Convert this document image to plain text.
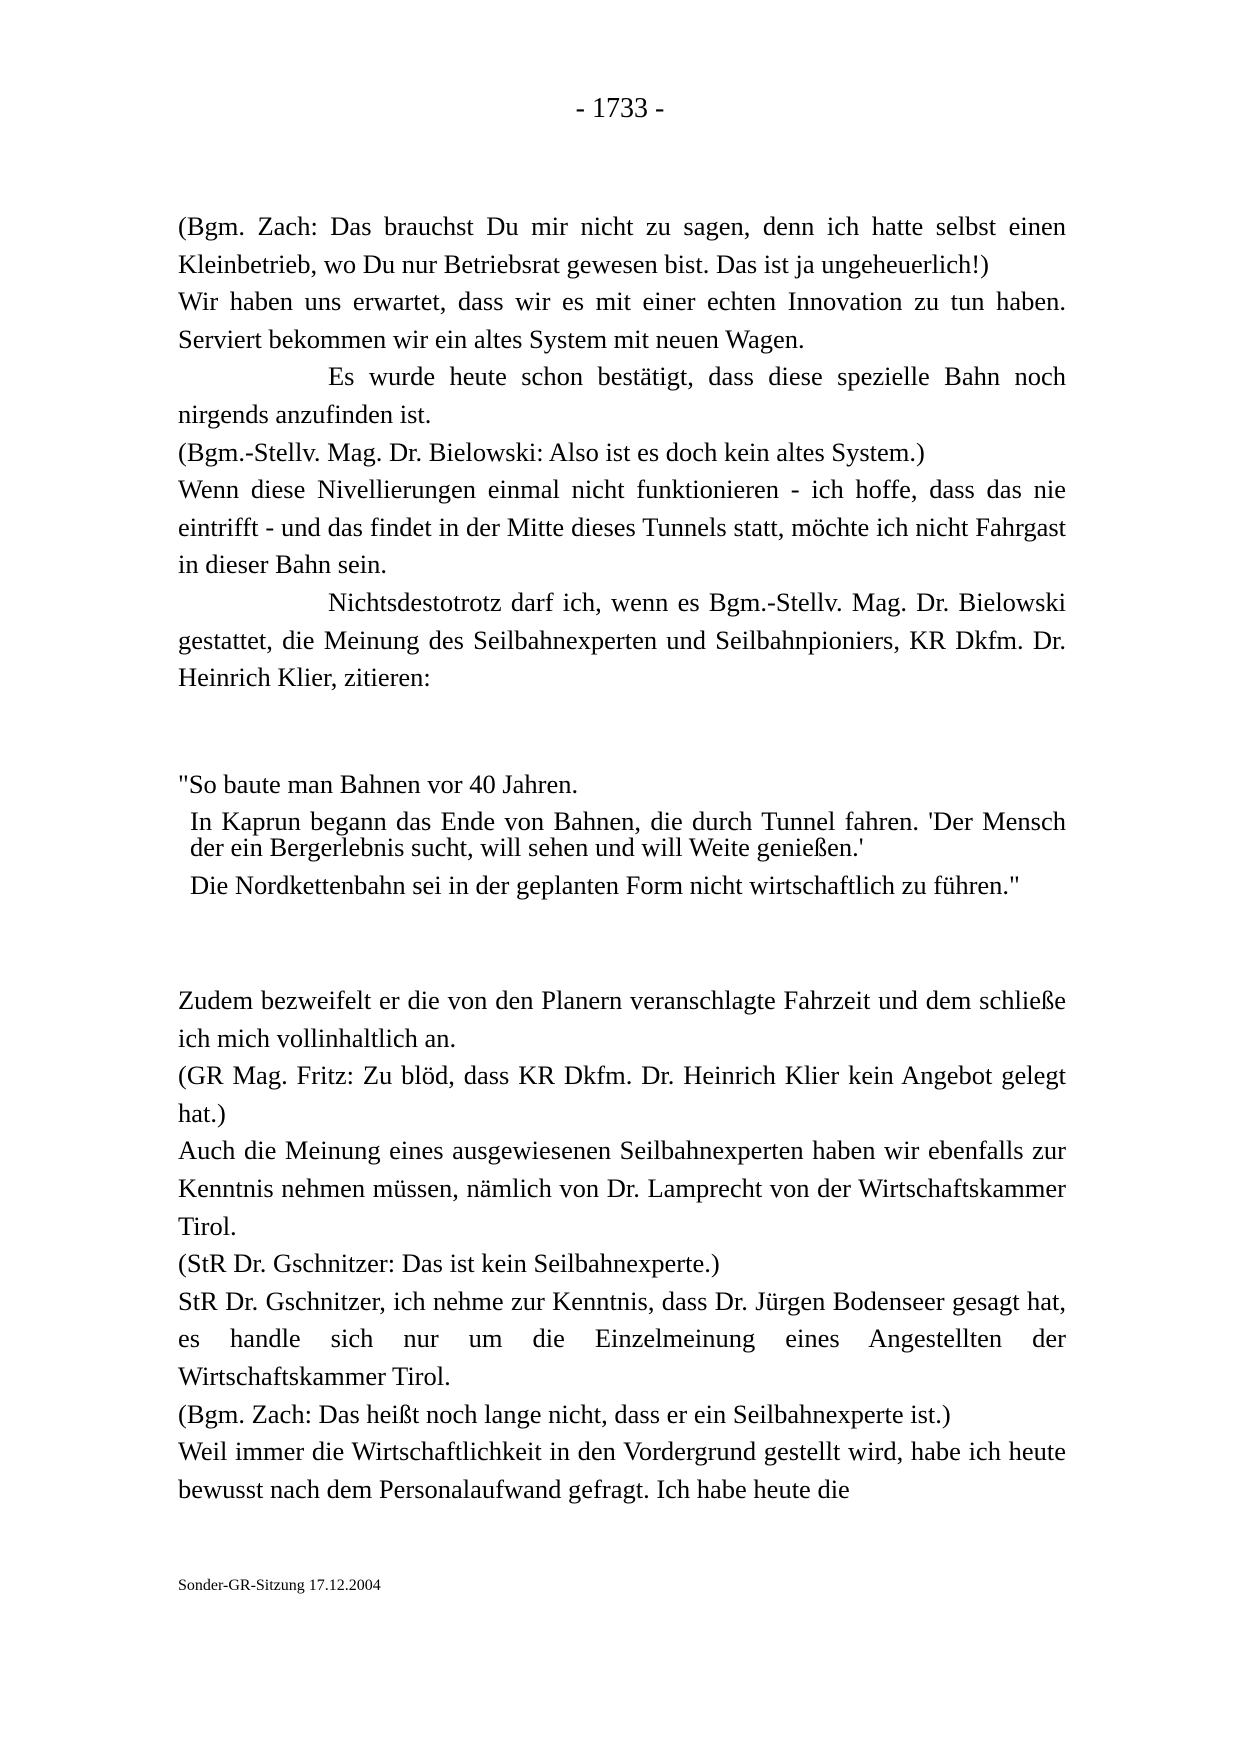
- 1733 -

(Bgm. Zach: Das brauchst Du mir nicht zu sagen, denn ich hatte selbst einen Kleinbetrieb, wo Du nur Betriebsrat gewesen bist. Das ist ja ungeheuerlich!)

Wir haben uns erwartet, dass wir es mit einer echten Innovation zu tun haben. Serviert bekommen wir ein altes System mit neuen Wagen.

Es wurde heute schon bestätigt, dass diese spezielle Bahn noch nirgends anzufinden ist.

(Bgm.-Stellv. Mag. Dr. Bielowski: Also ist es doch kein altes System.)

Wenn diese Nivellierungen einmal nicht funktionieren - ich hoffe, dass das nie eintrifft - und das findet in der Mitte dieses Tunnels statt, möchte ich nicht Fahrgast in dieser Bahn sein.

Nichtsdestotrotz darf ich, wenn es Bgm.-Stellv. Mag. Dr. Bielowski gestattet, die Meinung des Seilbahnexperten und Seilbahnpioniers, KR Dkfm. Dr. Heinrich Klier, zitieren:

"So baute man Bahnen vor 40 Jahren.

In Kaprun begann das Ende von Bahnen, die durch Tunnel fahren. 'Der Mensch der ein Bergerlebnis sucht, will sehen und will Weite genießen.'

Die Nordkettenbahn sei in der geplanten Form nicht wirtschaftlich zu führen."

Zudem bezweifelt er die von den Planern veranschlagte Fahrzeit und dem schließe ich mich vollinhaltlich an.

(GR Mag. Fritz: Zu blöd, dass KR Dkfm. Dr. Heinrich Klier kein Angebot gelegt hat.)

Auch die Meinung eines ausgewiesenen Seilbahnexperten haben wir ebenfalls zur Kenntnis nehmen müssen, nämlich von Dr. Lamprecht von der Wirtschaftskammer Tirol.

(StR Dr. Gschnitzer: Das ist kein Seilbahnexperte.)

StR Dr. Gschnitzer, ich nehme zur Kenntnis, dass Dr. Jürgen Bodenseer gesagt hat, es handle sich nur um die Einzelmeinung eines Angestellten der Wirtschaftskammer Tirol.

(Bgm. Zach: Das heißt noch lange nicht, dass er ein Seilbahnexperte ist.)

Weil immer die Wirtschaftlichkeit in den Vordergrund gestellt wird, habe ich heute bewusst nach dem Personalaufwand gefragt. Ich habe heute die

Sonder-GR-Sitzung 17.12.2004
